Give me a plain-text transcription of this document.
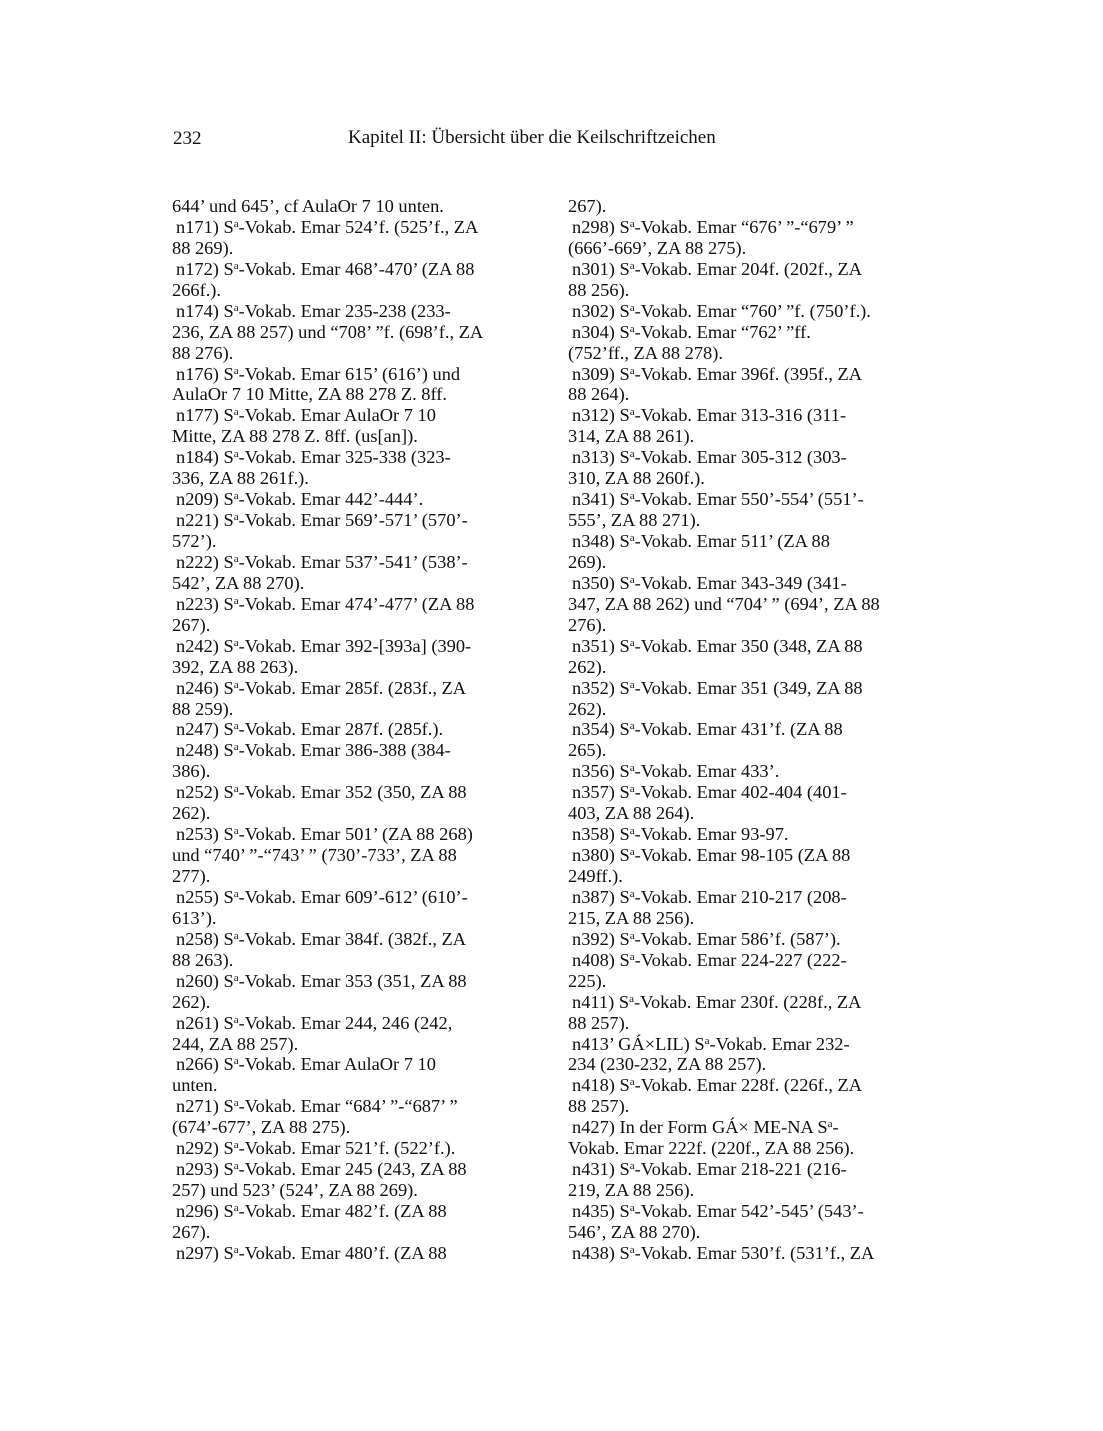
232	Kapitel II: Übersicht über die Keilschriftzeichen
644’ und 645’, cf AulaOr 7 10 unten.
n171) $S^a$-Vokab. Emar 524’f. (525’f., ZA
88 269).
n172) $S^a$-Vokab. Emar 468’-470’ (ZA 88
266f.).
n174) $S^a$-Vokab. Emar 235-238 (233-
236, ZA 88 257) und “708’ ”f. (698’f., ZA
88 276).
n176) $S^a$-Vokab. Emar 615’ (616’) und
AulaOr 7 10 Mitte, ZA 88 278 Z. 8ff.
n177) $S^a$-Vokab. Emar AulaOr 7 10
Mitte, ZA 88 278 Z. 8ff. (us[an]).
n184) $S^a$-Vokab. Emar 325-338 (323-
336, ZA 88 261f.).
n209) $S^a$-Vokab. Emar 442’-444’.
n221) $S^a$-Vokab. Emar 569’-571’ (570’-
572’).
n222) $S^a$-Vokab. Emar 537’-541’ (538’-
542’, ZA 88 270).
n223) $S^a$-Vokab. Emar 474’-477’ (ZA 88
267).
n242) $S^a$-Vokab. Emar 392-[393a] (390-
392, ZA 88 263).
n246) $S^a$-Vokab. Emar 285f. (283f., ZA
88 259).
n247) $S^a$-Vokab. Emar 287f. (285f.).
n248) $S^a$-Vokab. Emar 386-388 (384-
386).
n252) $S^a$-Vokab. Emar 352 (350, ZA 88
262).
n253) $S^a$-Vokab. Emar 501’ (ZA 88 268)
und “740’ ”-“743’ ” (730’-733’, ZA 88
277).
n255) $S^a$-Vokab. Emar 609’-612’ (610’-
613’).
n258) $S^a$-Vokab. Emar 384f. (382f., ZA
88 263).
n260) $S^a$-Vokab. Emar 353 (351, ZA 88
262).
n261) $S^a$-Vokab. Emar 244, 246 (242,
244, ZA 88 257).
n266) $S^a$-Vokab. Emar AulaOr 7 10
unten.
n271) $S^a$-Vokab. Emar “684’ ”-“687’ ”
(674’-677’, ZA 88 275).
n292) $S^a$-Vokab. Emar 521’f. (522’f.).
n293) $S^a$-Vokab. Emar 245 (243, ZA 88
257) und 523’ (524’, ZA 88 269).
n296) $S^a$-Vokab. Emar 482’f. (ZA 88
267).
n297) $S^a$-Vokab. Emar 480’f. (ZA 88
267).
n298) $S^a$-Vokab. Emar “676’ ”-“679’ ”
(666’-669’, ZA 88 275).
n301) $S^a$-Vokab. Emar 204f. (202f., ZA
88 256).
n302) $S^a$-Vokab. Emar “760’ ”f. (750’f.).
n304) $S^a$-Vokab. Emar “762’ ”ff.
(752’ff., ZA 88 278).
n309) $S^a$-Vokab. Emar 396f. (395f., ZA
88 264).
n312) $S^a$-Vokab. Emar 313-316 (311-
314, ZA 88 261).
n313) $S^a$-Vokab. Emar 305-312 (303-
310, ZA 88 260f.).
n341) $S^a$-Vokab. Emar 550’-554’ (551’-
555’, ZA 88 271).
n348) $S^a$-Vokab. Emar 511’ (ZA 88
269).
n350) $S^a$-Vokab. Emar 343-349 (341-
347, ZA 88 262) und “704’ ” (694’, ZA 88
276).
n351) $S^a$-Vokab. Emar 350 (348, ZA 88
262).
n352) $S^a$-Vokab. Emar 351 (349, ZA 88
262).
n354) $S^a$-Vokab. Emar 431’f. (ZA 88
265).
n356) $S^a$-Vokab. Emar 433’.
n357) $S^a$-Vokab. Emar 402-404 (401-
403, ZA 88 264).
n358) $S^a$-Vokab. Emar 93-97.
n380) $S^a$-Vokab. Emar 98-105 (ZA 88
249ff.).
n387) $S^a$-Vokab. Emar 210-217 (208-
215, ZA 88 256).
n392) $S^a$-Vokab. Emar 586’f. (587’).
n408) $S^a$-Vokab. Emar 224-227 (222-
225).
n411) $S^a$-Vokab. Emar 230f. (228f., ZA
88 257).
n413’ GÁ×LIL) $S^a$-Vokab. Emar 232-
234 (230-232, ZA 88 257).
n418) $S^a$-Vokab. Emar 228f. (226f., ZA
88 257).
n427) In der Form GÁ× ME-NA $S^a-$
Vokab. Emar 222f. (220f., ZA 88 256).
n431) $S^a$-Vokab. Emar 218-221 (216-
219, ZA 88 256).
n435) $S^a$-Vokab. Emar 542’-545’ (543’-
546’, ZA 88 270).
n438) $S^a$-Vokab. Emar 530’f. (531’f., ZA
